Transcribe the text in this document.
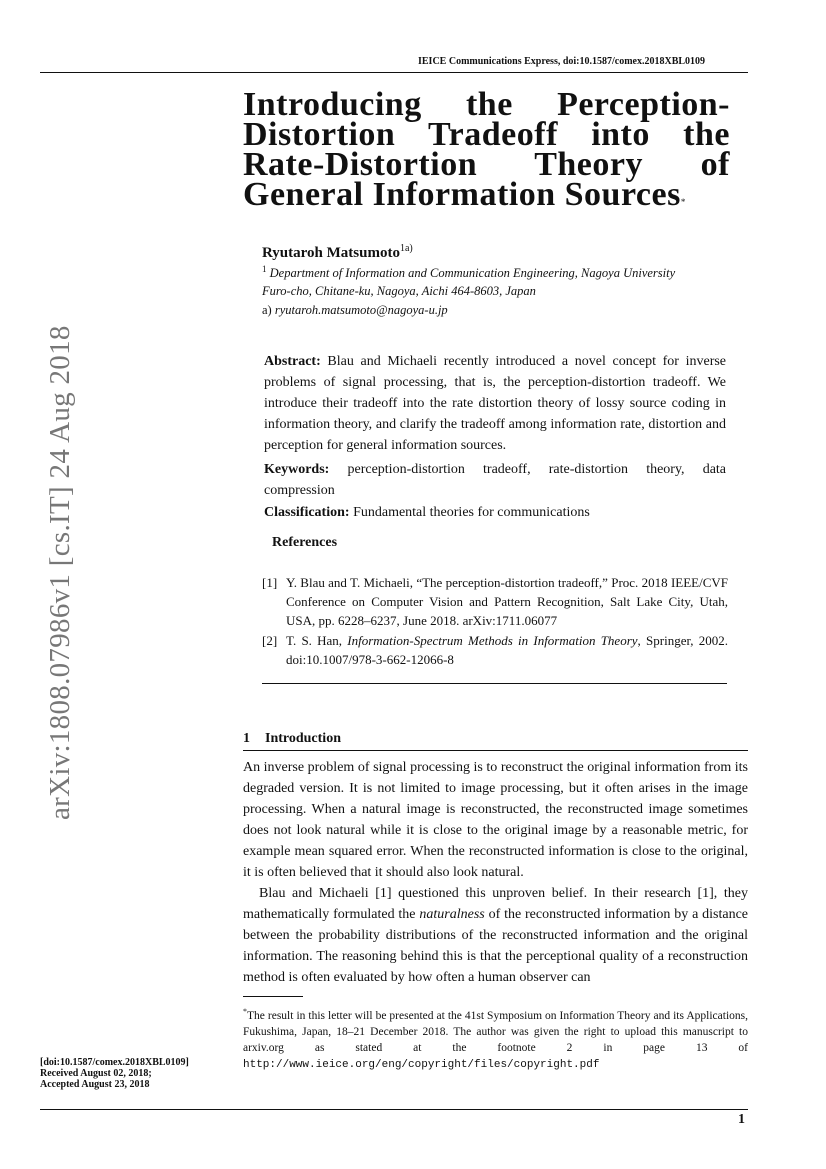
IEICE Communications Express, doi:10.1587/comex.2018XBL0109
arXiv:1808.07986v1 [cs.IT] 24 Aug 2018
Introducing the Perception-
Distortion Tradeoff into the
Rate-Distortion Theory of
General Information Sources*
Ryutaroh Matsumoto$^{1a)}$
$^1$ Department of Information and Communication Engineering, Nagoya University
Furo-cho, Chitane-ku, Nagoya, Aichi 464-8603, Japan
a) ryutaroh.matsumoto@nagoya-u.jp
Abstract: Blau and Michaeli recently introduced a novel concept for inverse problems of signal processing, that is, the perception-distortion tradeoff. We introduce their tradeoff into the rate distortion theory of lossy source coding in information theory, and clarify the tradeoff among information rate, distortion and perception for general information sources.
Keywords: perception-distortion tradeoff, rate-distortion theory, data compression
Classification: Fundamental theories for communications
References
[1] Y. Blau and T. Michaeli, “The perception-distortion tradeoff,” Proc. 2018 IEEE/CVF Conference on Computer Vision and Pattern Recognition, Salt Lake City, Utah, USA, pp. 6228–6237, June 2018. arXiv:1711.06077
[2] T. S. Han, Information-Spectrum Methods in Information Theory, Springer, 2002. doi:10.1007/978-3-662-12066-8
1 Introduction

An inverse problem of signal processing is to reconstruct the original information from its degraded version. It is not limited to image processing, but it often arises in the image processing. When a natural image is reconstructed, the reconstructed image sometimes does not look natural while it is close to the original image by a reasonable metric, for example mean squared error. When the reconstructed information is close to the original, it is often believed that it should also look natural.

Blau and Michaeli [1] questioned this unproven belief. In their research [1], they mathematically formulated the naturalness of the reconstructed information by a distance between the probability distributions of the reconstructed information and the original information. The reasoning behind this is that the perceptional quality of a reconstruction method is often evaluated by how often a human observer can

*The result in this letter will be presented at the 41st Symposium on Information Theory and its Applications, Fukushima, Japan, 18–21 December 2018. The author was given the right to upload this manuscript to arxiv.org as stated at the footnote 2 in page 13 of http://www.ieice.org/eng/copyright/files/copyright.pdf
[doi:10.1587/comex.2018XBL0109]
Received August 02, 2018;
Accepted August 23, 2018
1
